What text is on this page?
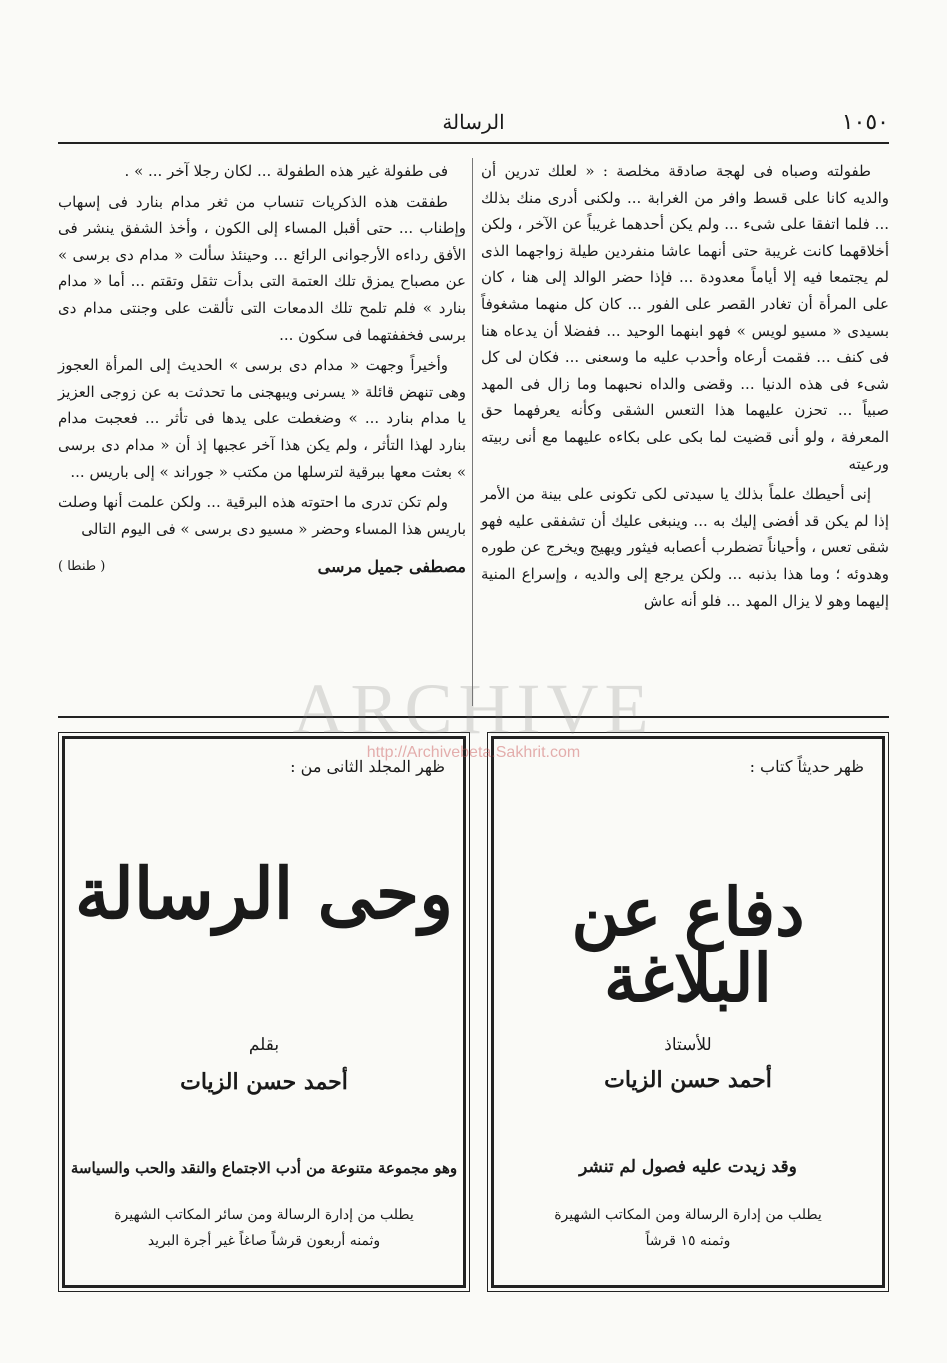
١٠٥٠
الرسالة

طفولته وصباه فى لهجة صادقة مخلصة : « لعلك تدرين أن والديه كانا على قسط وافر من الغرابة ... ولكنى أدرى منك بذلك ... فلما اتفقا على شىء ... ولم يكن أحدهما غريباً عن الآخر ، ولكن أخلاقهما كانت غريبة حتى أنهما عاشا منفردين طيلة زواجهما الذى لم يجتمعا فيه إلا أياماً معدودة ... فإذا حضر الوالد إلى هنا ، كان على المرأة أن تغادر القصر على الفور ... كان كل منهما مشغوفاً بسيدى « مسيو لويس » فهو ابنهما الوحيد ... ففضلا أن يدعاه هنا فى كنف ... فقمت أرعاه وأحدب عليه ما وسعنى ... فكان لى كل شىء فى هذه الدنيا ... وقضى والداه نحبهما وما زال فى المهد صبياً ... تحزن عليهما هذا التعس الشقى وكأنه يعرفهما حق المعرفة ، ولو أنى قضيت لما بكى على بكاءه عليهما مع أنى ربيته ورعيته

إنى أحيطك علماً بذلك يا سيدتى لكى تكونى على بينة من الأمر إذا لم يكن قد أفضى إليك به ... وينبغى عليك أن تشفقى عليه فهو شقى تعس ، وأحياناً تضطرب أعصابه فيثور ويهيج ويخرج عن طوره وهدوئه ؛ وما هذا بذنبه ... ولكن يرجع إلى والديه ، وإسراع المنية إليهما وهو لا يزال المهد ... فلو أنه عاش

فى طفولة غير هذه الطفولة ... لكان رجلا آخر ... » .

طفقت هذه الذكريات تنساب من ثغر مدام بنارد فى إسهاب وإطناب ... حتى أقبل المساء إلى الكون ، وأخذ الشفق ينشر فى الأفق رداءه الأرجوانى الرائع ... وحينئذ سألت « مدام دى برسى » عن مصباح يمزق تلك العتمة التى بدأت تثقل وتقتم ... أما « مدام بنارد » فلم تلمح تلك الدمعات التى تألقت على وجنتى مدام دى برسى فخففتهما فى سكون ...

وأخيراً وجهت « مدام دى برسى » الحديث إلى المرأة العجوز وهى تنهض قائلة « يسرنى ويبهجنى ما تحدثت به عن زوجى العزيز يا مدام بنارد ... » وضغطت على يدها فى تأثر ... فعجبت مدام بنارد لهذا التأثر ، ولم يكن هذا آخر عجبها إذ أن « مدام دى برسى » بعثت معها ببرقية لترسلها من مكتب « جوراند » إلى باريس ...

ولم تكن تدرى ما احتوته هذه البرقية ... ولكن علمت أنها وصلت باريس هذا المساء وحضر « مسيو دى برسى » فى اليوم التالى

مصطفى جميل مرسى
( طنطا )
ظهر حديثاً كتاب :
دفاع عن البلاغة
للأستاذ
أحمد حسن الزيات
وقد زيدت عليه فصول لم تنشر
يطلب من إدارة الرسالة ومن المكاتب الشهيرة
وثمنه ١٥ قرشاً
ظهر المجلد الثانى من :
وحى الرسالة
بقلم
أحمد حسن الزيات
وهو مجموعة متنوعة من أدب الاجتماع والنقد والحب والسياسة
يطلب من إدارة الرسالة ومن سائر المكاتب الشهيرة
وثمنه أربعون قرشاً صاغاً غير أجرة البريد
ARCHIVE
http://Archivebeta.Sakhrit.com
